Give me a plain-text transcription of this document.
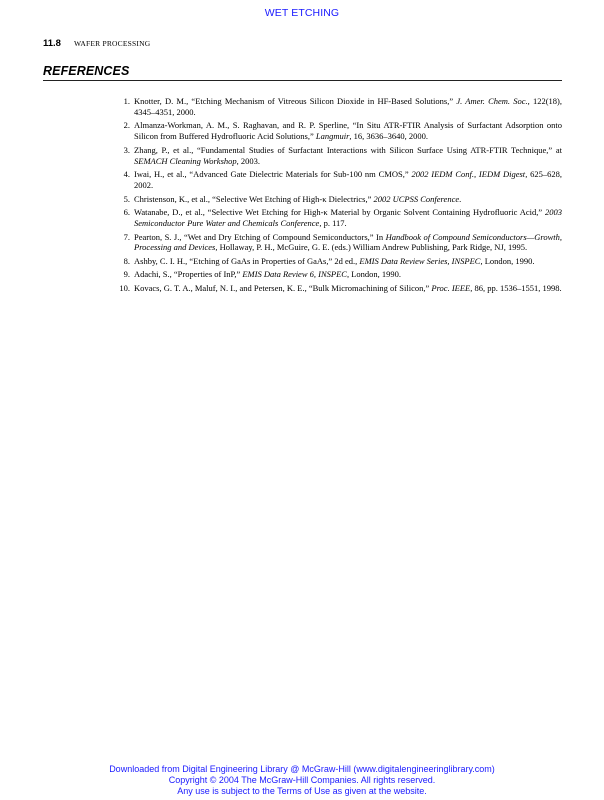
WET ETCHING
11.8 WAFER PROCESSING
REFERENCES
1. Knotter, D. M., “Etching Mechanism of Vitreous Silicon Dioxide in HF-Based Solutions,” J. Amer. Chem. Soc., 122(18), 4345–4351, 2000.
2. Almanza-Workman, A. M., S. Raghavan, and R. P. Sperline, “In Situ ATR-FTIR Analysis of Surfactant Adsorption onto Silicon from Buffered Hydrofluoric Acid Solutions,” Langmuir, 16, 3636–3640, 2000.
3. Zhang, P., et al., “Fundamental Studies of Surfactant Interactions with Silicon Surface Using ATR-FTIR Technique,” at SEMACH Cleaning Workshop, 2003.
4. Iwai, H., et al., “Advanced Gate Dielectric Materials for Sub-100 nm CMOS,” 2002 IEDM Conf., IEDM Digest, 625–628, 2002.
5. Christenson, K., et al., “Selective Wet Etching of High-κ Dielectrics,” 2002 UCPSS Conference.
6. Watanabe, D., et al., “Selective Wet Etching for High-κ Material by Organic Solvent Containing Hydrofluoric Acid,” 2003 Semiconductor Pure Water and Chemicals Conference, p. 117.
7. Pearton, S. J., “Wet and Dry Etching of Compound Semiconductors,” In Handbook of Compound Semiconductors—Growth, Processing and Devices, Hollaway, P. H., McGuire, G. E. (eds.) William Andrew Publishing, Park Ridge, NJ, 1995.
8. Ashby, C. I. H., “Etching of GaAs in Properties of GaAs,” 2d ed., EMIS Data Review Series, INSPEC, London, 1990.
9. Adachi, S., “Properties of InP,” EMIS Data Review 6, INSPEC, London, 1990.
10. Kovacs, G. T. A., Maluf, N. I., and Petersen, K. E., “Bulk Micromachining of Silicon,” Proc. IEEE, 86, pp. 1536–1551, 1998.
Downloaded from Digital Engineering Library @ McGraw-Hill (www.digitalengineeringlibrary.com)
Copyright © 2004 The McGraw-Hill Companies. All rights reserved.
Any use is subject to the Terms of Use as given at the website.
